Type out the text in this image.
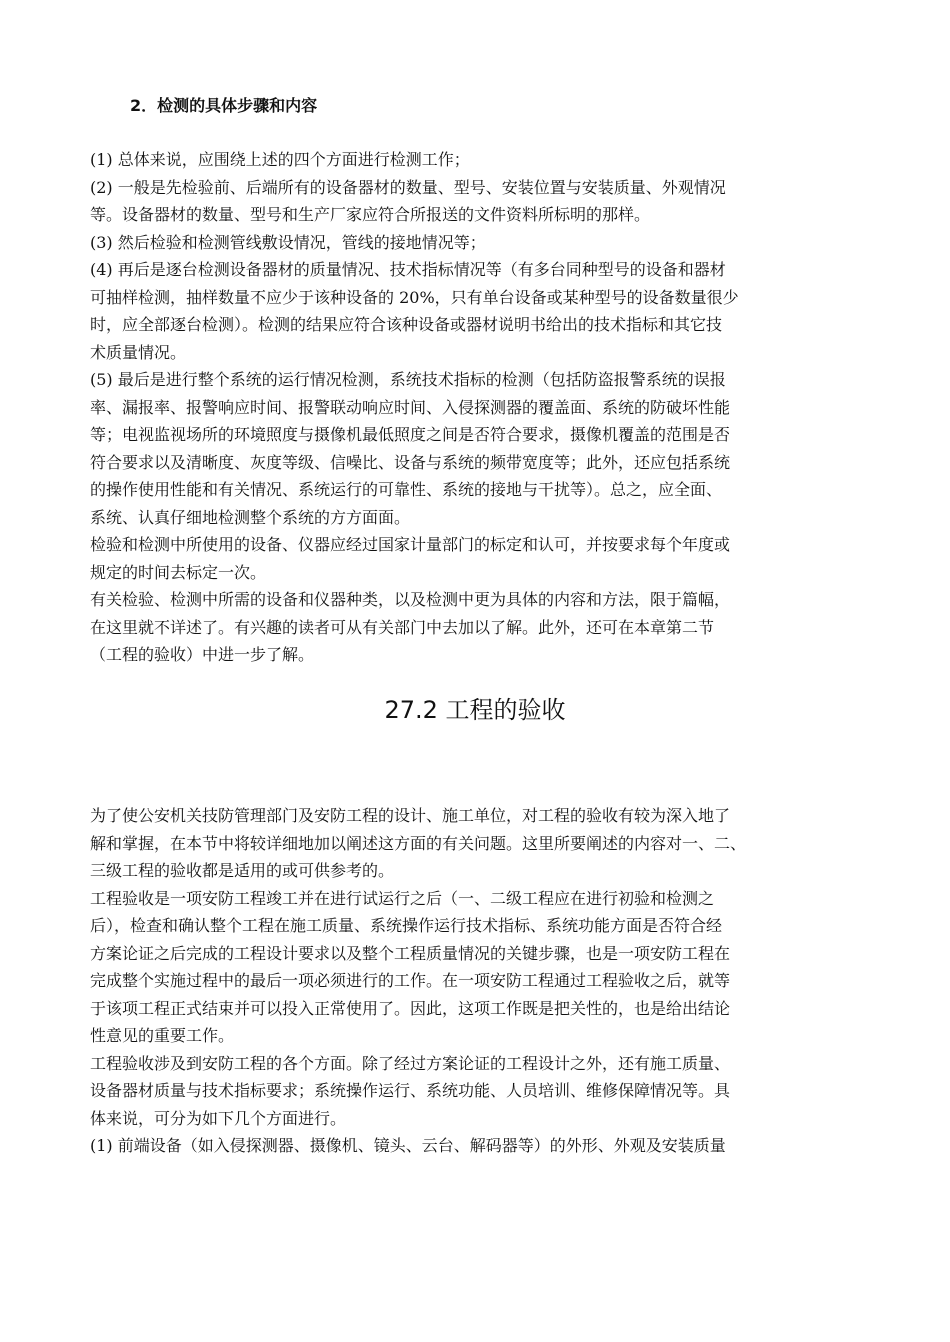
2．检测的具体步骤和内容
(1) 总体来说，应围绕上述的四个方面进行检测工作；
(2) 一般是先检验前、后端所有的设备器材的数量、型号、安装位置与安装质量、外观情况
等。设备器材的数量、型号和生产厂家应符合所报送的文件资料所标明的那样。
(3) 然后检验和检测管线敷设情况，管线的接地情况等；
(4) 再后是逐台检测设备器材的质量情况、技术指标情况等（有多台同种型号的设备和器材
可抽样检测，抽样数量不应少于该种设备的 20%，只有单台设备或某种型号的设备数量很少
时，应全部逐台检测）。检测的结果应符合该种设备或器材说明书给出的技术指标和其它技
术质量情况。
(5) 最后是进行整个系统的运行情况检测，系统技术指标的检测（包括防盗报警系统的误报
率、漏报率、报警响应时间、报警联动响应时间、入侵探测器的覆盖面、系统的防破坏性能
等；电视监视场所的环境照度与摄像机最低照度之间是否符合要求，摄像机覆盖的范围是否
符合要求以及清晰度、灰度等级、信噪比、设备与系统的频带宽度等；此外，还应包括系统
的操作使用性能和有关情况、系统运行的可靠性、系统的接地与干扰等）。总之，应全面、
系统、认真仔细地检测整个系统的方方面面。
检验和检测中所使用的设备、仪器应经过国家计量部门的标定和认可，并按要求每个年度或
规定的时间去标定一次。
有关检验、检测中所需的设备和仪器种类，以及检测中更为具体的内容和方法，限于篇幅，
在这里就不详述了。有兴趣的读者可从有关部门中去加以了解。此外，还可在本章第二节
（工程的验收）中进一步了解。
27.2 工程的验收
为了使公安机关技防管理部门及安防工程的设计、施工单位，对工程的验收有较为深入地了
解和掌握，在本节中将较详细地加以阐述这方面的有关问题。这里所要阐述的内容对一、二、
三级工程的验收都是适用的或可供参考的。
工程验收是一项安防工程竣工并在进行试运行之后（一、二级工程应在进行初验和检测之
后），检查和确认整个工程在施工质量、系统操作运行技术指标、系统功能方面是否符合经
方案论证之后完成的工程设计要求以及整个工程质量情况的关键步骤，也是一项安防工程在
完成整个实施过程中的最后一项必须进行的工作。在一项安防工程通过工程验收之后，就等
于该项工程正式结束并可以投入正常使用了。因此，这项工作既是把关性的，也是给出结论
性意见的重要工作。
工程验收涉及到安防工程的各个方面。除了经过方案论证的工程设计之外，还有施工质量、
设备器材质量与技术指标要求；系统操作运行、系统功能、人员培训、维修保障情况等。具
体来说，可分为如下几个方面进行。
(1) 前端设备（如入侵探测器、摄像机、镜头、云台、解码器等）的外形、外观及安装质量
